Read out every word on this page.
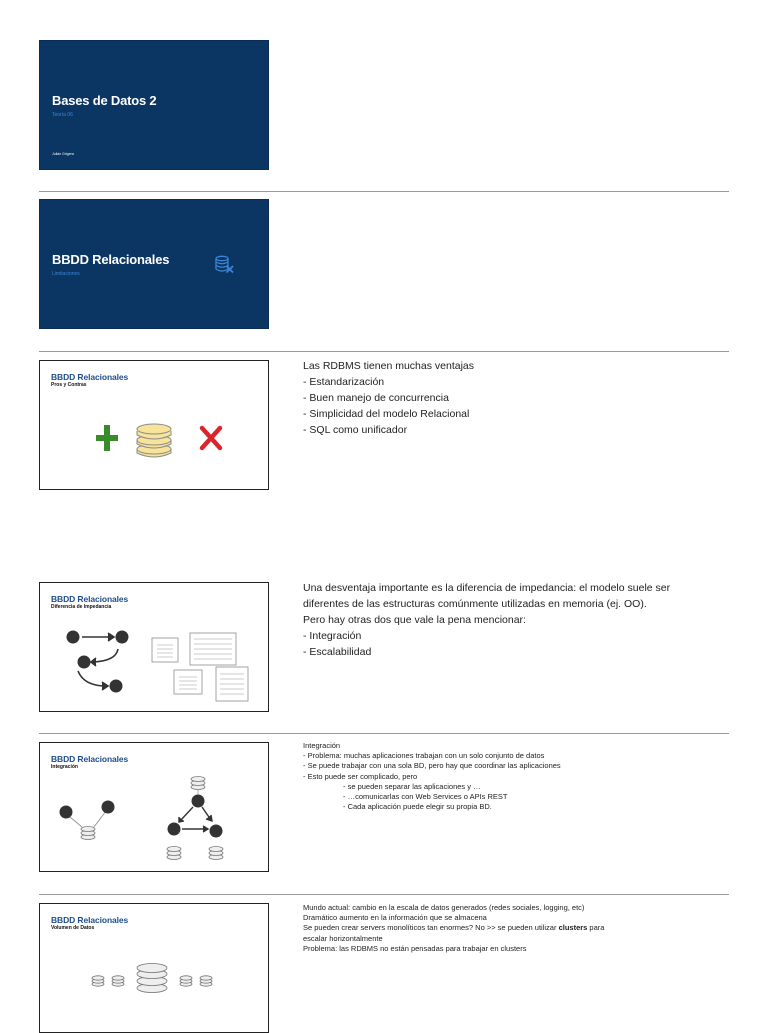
Bases de Datos 2
Teoría 06
Julián Grigera
BBDD Relacionales
Limitaciones
BBDD Relacionales
Pros y Contras
Las RDBMS tienen muchas ventajas
- Estandarización
- Buen manejo de concurrencia
- Simplicidad del modelo Relacional
- SQL como unificador
BBDD Relacionales
Diferencia de Impedancia
Una desventaja importante es la diferencia de impedancia: el modelo suele ser
diferentes de las estructuras comúnmente utilizadas en memoria (ej. OO).
Pero hay otras dos que vale la pena mencionar:
- Integración
- Escalabilidad
BBDD Relacionales
Integración
Integración
- Problema: muchas aplicaciones trabajan con un solo conjunto de datos
- Se puede trabajar con una sola BD, pero hay que coordinar las aplicaciones
- Esto puede ser complicado, pero
- se pueden separar las aplicaciones y …
- …comunicarlas con Web Services o APIs REST
- Cada aplicación puede elegir su propia BD.
BBDD Relacionales
Volumen de Datos
Mundo actual: cambio en la escala de datos generados (redes sociales, logging, etc)
Dramático aumento en la información que se almacena
Se pueden crear servers monolíticos tan enormes? No >> se pueden utilizar clusters para
escalar horizontalmente
Problema: las RDBMS no están pensadas para trabajar en clusters
